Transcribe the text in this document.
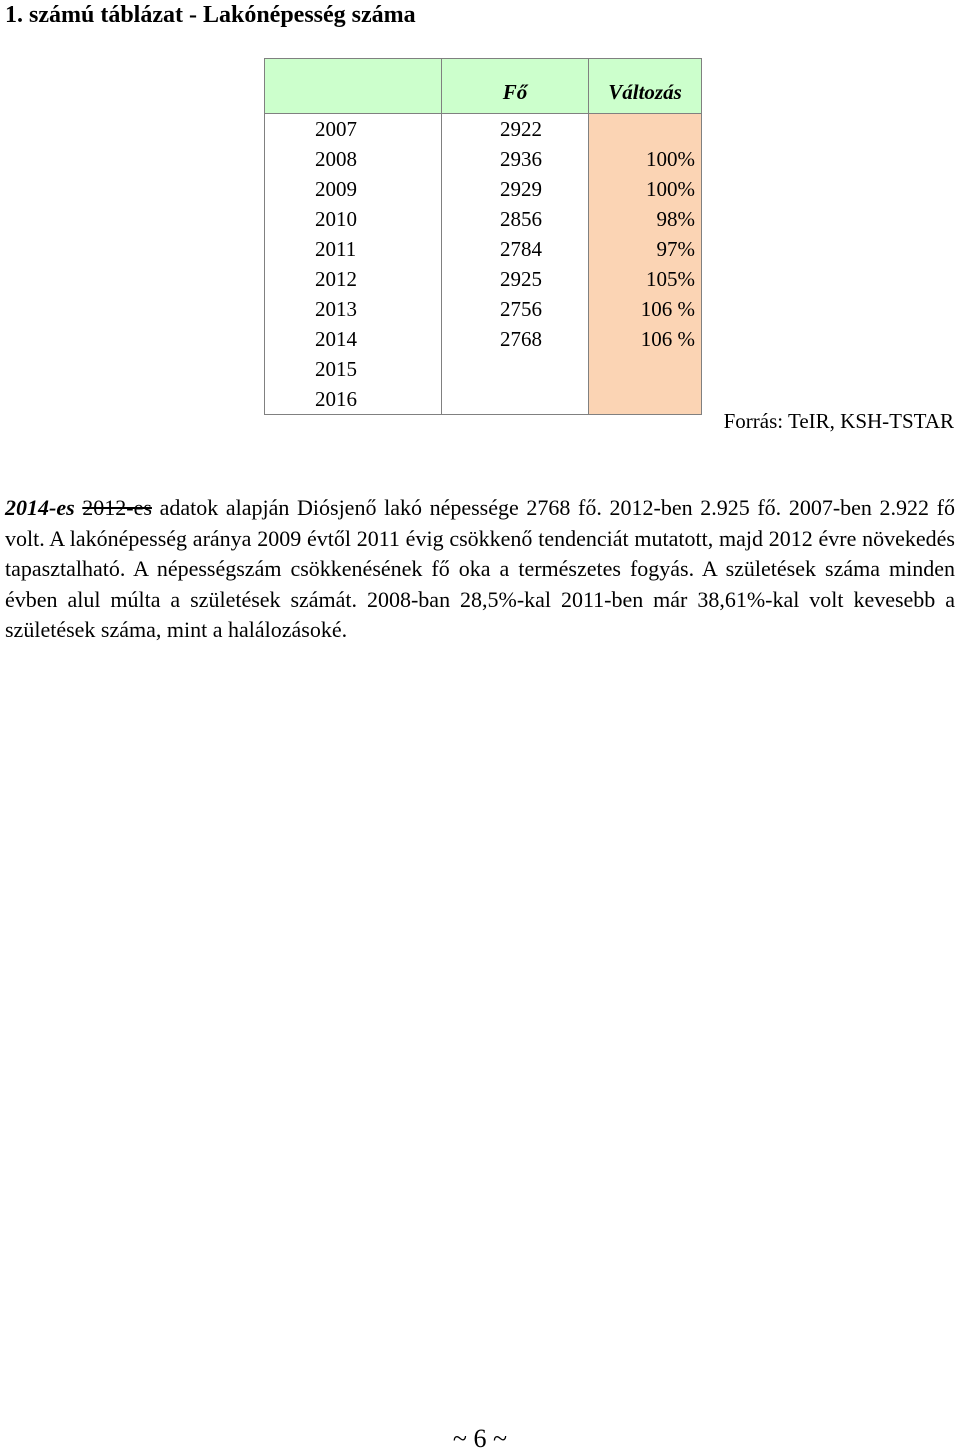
1. számú táblázat - Lakónépesség száma
	Fő	Változás
2007	2922	
2008	2936	100%
2009	2929	100%
2010	2856	98%
2011	2784	97%
2012	2925	105%
2013	2756	106 %
2014	2768	106 %
2015		
2016		
Forrás: TeIR, KSH-TSTAR
2014-es 2012-es adatok alapján Diósjenő lakó népessége 2768 fő. 2012-ben 2.925 fő. 2007-ben 2.922 fő volt. A lakónépesség aránya 2009 évtől 2011 évig csökkenő tendenciát mutatott, majd 2012 évre növekedés tapasztalható. A népességszám csökkenésének fő oka a természetes fogyás. A születések száma minden évben alul múlta a születések számát. 2008-ban 28,5%-kal 2011-ben már 38,61%-kal volt kevesebb a születések száma, mint a halálozásoké.
~ 6 ~
